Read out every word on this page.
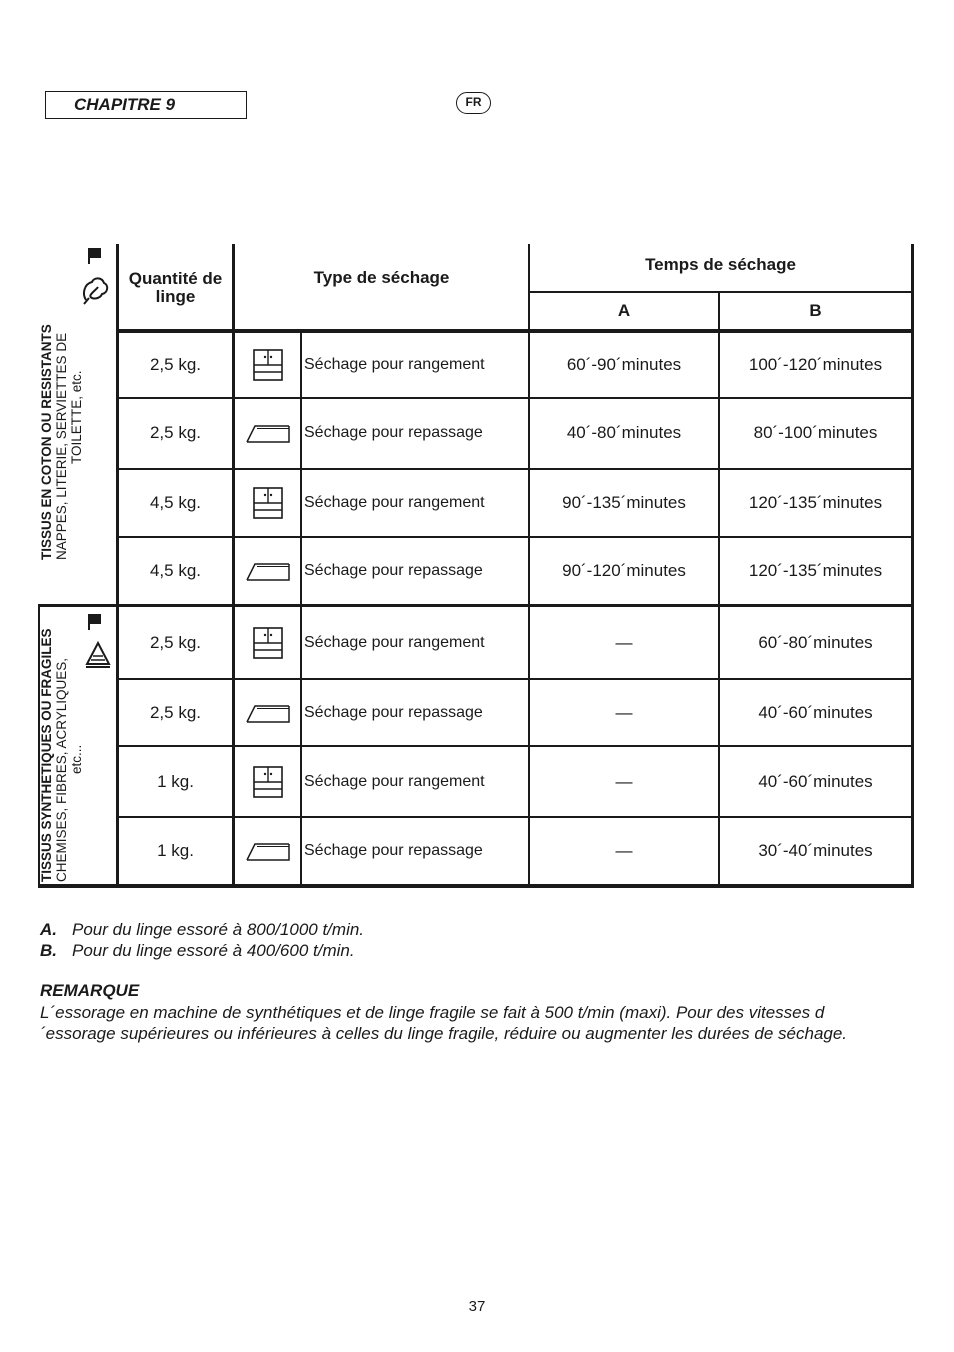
CHAPITRE 9	FR
Quantité de linge
Type de séchage
Temps de séchage
A	B
TISSUS EN COTON OU RESISTANTS NAPPES, LITERIE, SERVIETTES DE TOILETTE, etc.
TISSUS SYNTHETIQUES OU FRAGILES CHEMISES, FIBRES, ACRYLIQUES, etc...
2,5 kg.	Séchage pour rangement	60´-90´minutes	100´-120´minutes
2,5 kg.	Séchage pour repassage	40´-80´minutes	80´-100´minutes
4,5 kg.	Séchage pour rangement	90´-135´minutes	120´-135´minutes
4,5 kg.	Séchage pour repassage	90´-120´minutes	120´-135´minutes
2,5 kg.	Séchage pour rangement	—	60´-80´minutes
2,5 kg.	Séchage pour repassage	—	40´-60´minutes
1 kg.	Séchage pour rangement	—	40´-60´minutes
1 kg.	Séchage pour repassage	—	30´-40´minutes
A. Pour du linge essoré à 800/1000 t/min.
B. Pour du linge essoré à 400/600 t/min.
REMARQUE
L´essorage en machine de synthétiques et de linge fragile se fait à 500 t/min (maxi). Pour des vitesses d´essorage supérieures ou inférieures à celles du linge fragile, réduire ou augmenter les durées de séchage.
37
